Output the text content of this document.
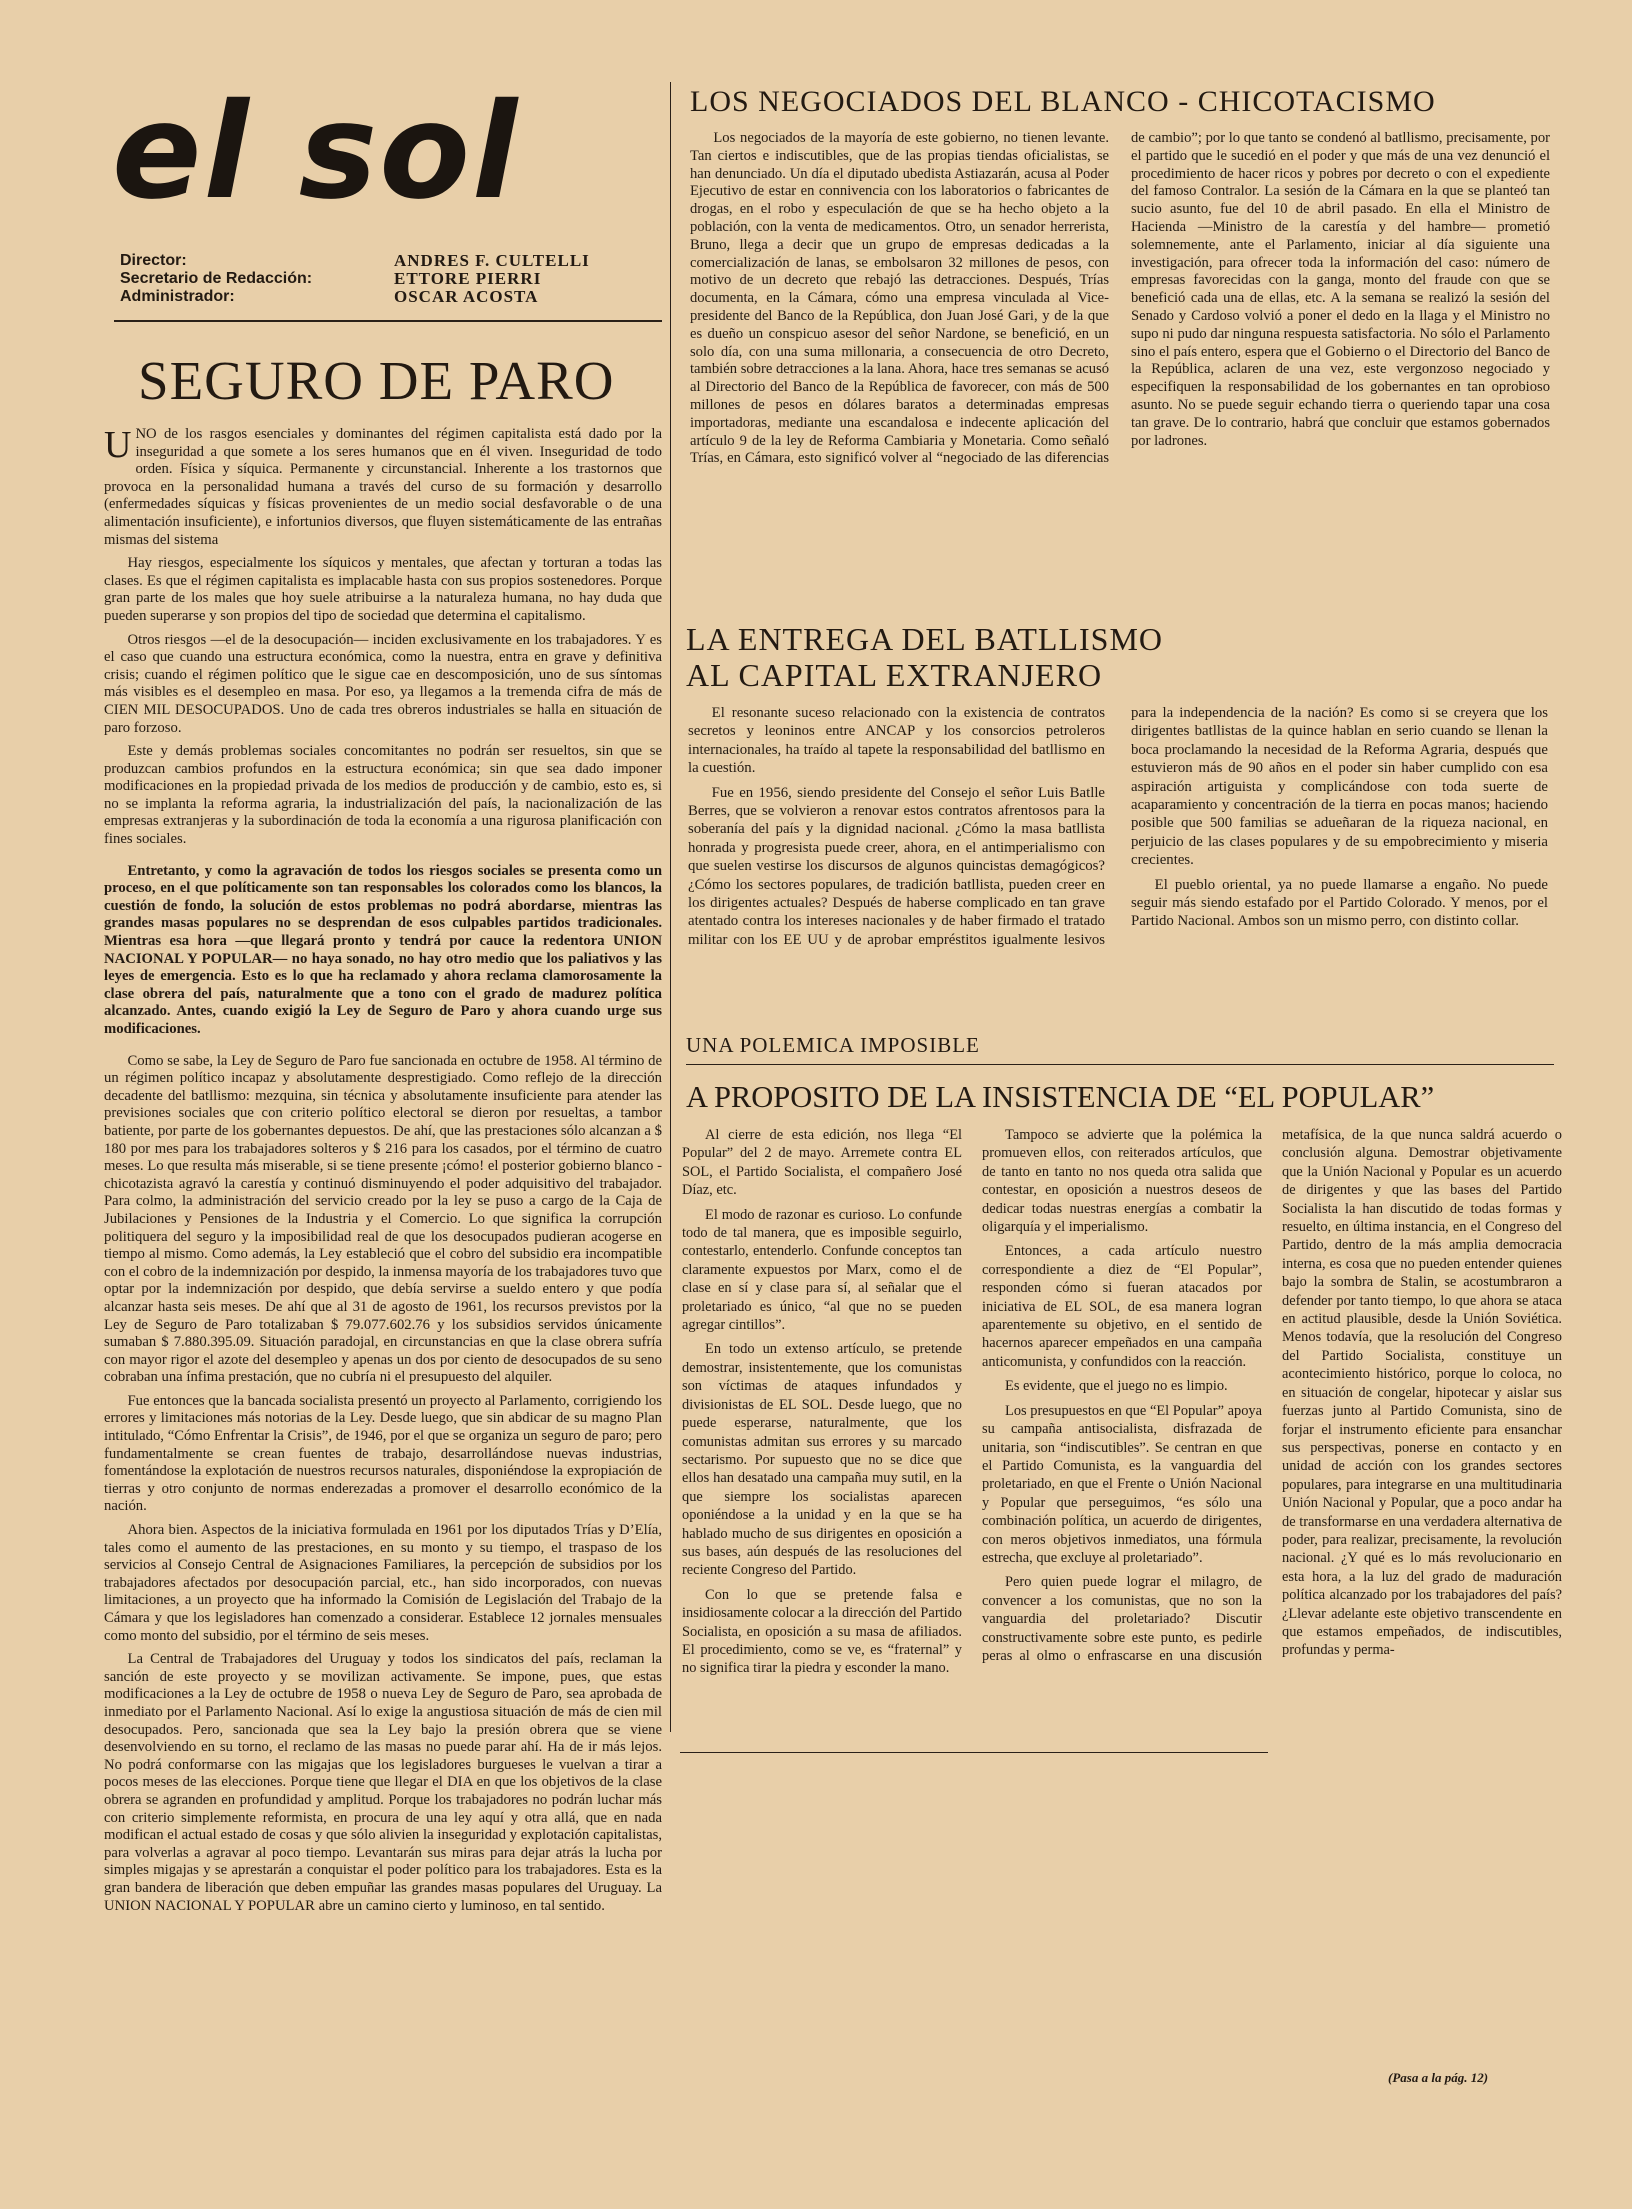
el sol
Director:	ANDRES F. CULTELLI
Secretario de Redacción:	ETTORE PIERRI
Administrador:	OSCAR ACOSTA
SEGURO DE PARO

UNO de los rasgos esenciales y dominantes del régimen capitalista está dado por la inseguridad a que somete a los seres humanos que en él viven. Inseguridad de todo orden. Física y síquica. Permanente y circunstancial. Inherente a los trastornos que provoca en la personalidad humana a través del curso de su formación y desarrollo (enfermedades síquicas y físicas provenientes de un medio social desfavorable o de una alimentación insuficiente), e infortunios diversos, que fluyen sistemáticamente de las entrañas mismas del sistema

Hay riesgos, especialmente los síquicos y mentales, que afectan y torturan a todas las clases. Es que el régimen capitalista es implacable hasta con sus propios sostenedores. Porque gran parte de los males que hoy suele atribuirse a la naturaleza humana, no hay duda que pueden superarse y son propios del tipo de sociedad que determina el capitalismo.

Otros riesgos —el de la desocupación— inciden exclusivamente en los trabajadores. Y es el caso que cuando una estructura económica, como la nuestra, entra en grave y definitiva crisis; cuando el régimen político que le sigue cae en descomposición, uno de sus síntomas más visibles es el desempleo en masa. Por eso, ya llegamos a la tremenda cifra de más de CIEN MIL DESOCUPADOS. Uno de cada tres obreros industriales se halla en situación de paro forzoso.

Este y demás problemas sociales concomitantes no podrán ser resueltos, sin que se produzcan cambios profundos en la estructura económica; sin que sea dado imponer modificaciones en la propiedad privada de los medios de producción y de cambio, esto es, si no se implanta la reforma agraria, la industrialización del país, la nacionalización de las empresas extranjeras y la subordinación de toda la economía a una rigurosa planificación con fines sociales.

Entretanto, y como la agravación de todos los riesgos sociales se presenta como un proceso, en el que políticamente son tan responsables los colorados como los blancos, la cuestión de fondo, la solución de estos problemas no podrá abordarse, mientras las grandes masas populares no se desprendan de esos culpables partidos tradicionales. Mientras esa hora —que llegará pronto y tendrá por cauce la redentora UNION NACIONAL Y POPULAR— no haya sonado, no hay otro medio que los paliativos y las leyes de emergencia. Esto es lo que ha reclamado y ahora reclama clamorosamente la clase obrera del país, naturalmente que a tono con el grado de madurez política alcanzado. Antes, cuando exigió la Ley de Seguro de Paro y ahora cuando urge sus modificaciones.

Como se sabe, la Ley de Seguro de Paro fue sancionada en octubre de 1958. Al término de un régimen político incapaz y absolutamente desprestigiado. Como reflejo de la dirección decadente del batllismo: mezquina, sin técnica y absolutamente insuficiente para atender las previsiones sociales que con criterio político electoral se dieron por resueltas, a tambor batiente, por parte de los gobernantes depuestos. De ahí, que las prestaciones sólo alcanzan a $ 180 por mes para los trabajadores solteros y $ 216 para los casados, por el término de cuatro meses. Lo que resulta más miserable, si se tiene presente ¡cómo! el posterior gobierno blanco - chicotazista agravó la carestía y continuó disminuyendo el poder adquisitivo del trabajador. Para colmo, la administración del servicio creado por la ley se puso a cargo de la Caja de Jubilaciones y Pensiones de la Industria y el Comercio. Lo que significa la corrupción politiquera del seguro y la imposibilidad real de que los desocupados pudieran acogerse en tiempo al mismo. Como además, la Ley estableció que el cobro del subsidio era incompatible con el cobro de la indemnización por despido, la inmensa mayoría de los trabajadores tuvo que optar por la indemnización por despido, que debía servirse a sueldo entero y que podía alcanzar hasta seis meses. De ahí que al 31 de agosto de 1961, los recursos previstos por la Ley de Seguro de Paro totalizaban $ 79.077.602.76 y los subsidios servidos únicamente sumaban $ 7.880.395.09. Situación paradojal, en circunstancias en que la clase obrera sufría con mayor rigor el azote del desempleo y apenas un dos por ciento de desocupados de su seno cobraban una ínfima prestación, que no cubría ni el presupuesto del alquiler.

Fue entonces que la bancada socialista presentó un proyecto al Parlamento, corrigiendo los errores y limitaciones más notorias de la Ley. Desde luego, que sin abdicar de su magno Plan intitulado, “Cómo Enfrentar la Crisis”, de 1946, por el que se organiza un seguro de paro; pero fundamentalmente se crean fuentes de trabajo, desarrollándose nuevas industrias, fomentándose la explotación de nuestros recursos naturales, disponiéndose la expropiación de tierras y otro conjunto de normas enderezadas a promover el desarrollo económico de la nación.

Ahora bien. Aspectos de la iniciativa formulada en 1961 por los diputados Trías y D’Elía, tales como el aumento de las prestaciones, en su monto y su tiempo, el traspaso de los servicios al Consejo Central de Asignaciones Familiares, la percepción de subsidios por los trabajadores afectados por desocupación parcial, etc., han sido incorporados, con nuevas limitaciones, a un proyecto que ha informado la Comisión de Legislación del Trabajo de la Cámara y que los legisladores han comenzado a considerar. Establece 12 jornales mensuales como monto del subsidio, por el término de seis meses.

La Central de Trabajadores del Uruguay y todos los sindicatos del país, reclaman la sanción de este proyecto y se movilizan activamente. Se impone, pues, que estas modificaciones a la Ley de octubre de 1958 o nueva Ley de Seguro de Paro, sea aprobada de inmediato por el Parlamento Nacional. Así lo exige la angustiosa situación de más de cien mil desocupados. Pero, sancionada que sea la Ley bajo la presión obrera que se viene desenvolviendo en su torno, el reclamo de las masas no puede parar ahí. Ha de ir más lejos. No podrá conformarse con las migajas que los legisladores burgueses le vuelvan a tirar a pocos meses de las elecciones. Porque tiene que llegar el DIA en que los objetivos de la clase obrera se agranden en profundidad y amplitud. Porque los trabajadores no podrán luchar más con criterio simplemente reformista, en procura de una ley aquí y otra allá, que en nada modifican el actual estado de cosas y que sólo alivien la inseguridad y explotación capitalistas, para volverlas a agravar al poco tiempo. Levantarán sus miras para dejar atrás la lucha por simples migajas y se aprestarán a conquistar el poder político para los trabajadores. Esta es la gran bandera de liberación que deben empuñar las grandes masas populares del Uruguay. La UNION NACIONAL Y POPULAR abre un camino cierto y luminoso, en tal sentido.

LOS NEGOCIADOS DEL BLANCO - CHICOTACISMO

Los negociados de la mayoría de este gobierno, no tienen levante. Tan ciertos e indiscutibles, que de las propias tiendas oficialistas, se han denunciado. Un día el diputado ubedista Astiazarán, acusa al Poder Ejecutivo de estar en connivencia con los laboratorios o fabricantes de drogas, en el robo y especulación de que se ha hecho objeto a la población, con la venta de medicamentos. Otro, un senador herrerista, Bruno, llega a decir que un grupo de empresas dedicadas a la comercialización de lanas, se embolsaron 32 millones de pesos, con motivo de un decreto que rebajó las detracciones. Después, Trías documenta, en la Cámara, cómo una empresa vinculada al Vice-presidente del Banco de la República, don Juan José Gari, y de la que es dueño un conspicuo asesor del señor Nardone, se benefició, en un solo día, con una suma millonaria, a consecuencia de otro Decreto, también sobre detracciones a la lana. Ahora, hace tres semanas se acusó al Directorio del Banco de la República de favorecer, con más de 500 millones de pesos en dólares baratos a determinadas empresas importadoras, mediante una escandalosa e indecente aplicación del artículo 9 de la ley de Reforma Cambiaria y Monetaria. Como señaló Trías, en Cámara, esto significó volver al “negociado de las diferencias de cambio”; por lo que tanto se condenó al batllismo, precisamente, por el partido que le sucedió en el poder y que más de una vez denunció el procedimiento de hacer ricos y pobres por decreto o con el expediente del famoso Contralor. La sesión de la Cámara en la que se planteó tan sucio asunto, fue del 10 de abril pasado. En ella el Ministro de Hacienda —Ministro de la carestía y del hambre— prometió solemnemente, ante el Parlamento, iniciar al día siguiente una investigación, para ofrecer toda la información del caso: número de empresas favorecidas con la ganga, monto del fraude con que se benefició cada una de ellas, etc. A la semana se realizó la sesión del Senado y Cardoso volvió a poner el dedo en la llaga y el Ministro no supo ni pudo dar ninguna respuesta satisfactoria. No sólo el Parlamento sino el país entero, espera que el Gobierno o el Directorio del Banco de la República, aclaren de una vez, este vergonzoso negociado y especifiquen la responsabilidad de los gobernantes en tan oprobioso asunto. No se puede seguir echando tierra o queriendo tapar una cosa tan grave. De lo contrario, habrá que concluir que estamos gobernados por ladrones.

LA ENTREGA DEL BATLLISMO
AL CAPITAL EXTRANJERO

El resonante suceso relacionado con la existencia de contratos secretos y leoninos entre ANCAP y los consorcios petroleros internacionales, ha traído al tapete la responsabilidad del batllismo en la cuestión.

Fue en 1956, siendo presidente del Consejo el señor Luis Batlle Berres, que se volvieron a renovar estos contratos afrentosos para la soberanía del país y la dignidad nacional. ¿Cómo la masa batllista honrada y progresista puede creer, ahora, en el antimperialismo con que suelen vestirse los discursos de algunos quincistas demagógicos? ¿Cómo los sectores populares, de tradición batllista, pueden creer en los dirigentes actuales? Después de haberse complicado en tan grave atentado contra los intereses nacionales y de haber firmado el tratado militar con los EE UU y de aprobar empréstitos igualmente lesivos para la independencia de la nación? Es como si se creyera que los dirigentes batllistas de la quince hablan en serio cuando se llenan la boca proclamando la necesidad de la Reforma Agraria, después que estuvieron más de 90 años en el poder sin haber cumplido con esa aspiración artiguista y complicándose con toda suerte de acaparamiento y concentración de la tierra en pocas manos; haciendo posible que 500 familias se adueñaran de la riqueza nacional, en perjuicio de las clases populares y de su empobrecimiento y miseria crecientes.

El pueblo oriental, ya no puede llamarse a engaño. No puede seguir más siendo estafado por el Partido Colorado. Y menos, por el Partido Nacional. Ambos son un mismo perro, con distinto collar.

UNA POLEMICA IMPOSIBLE
A PROPOSITO DE LA INSISTENCIA DE “EL POPULAR”

Al cierre de esta edición, nos llega “El Popular” del 2 de mayo. Arremete contra EL SOL, el Partido Socialista, el compañero José Díaz, etc.

El modo de razonar es curioso. Lo confunde todo de tal manera, que es imposible seguirlo, contestarlo, entenderlo. Confunde conceptos tan claramente expuestos por Marx, como el de clase en sí y clase para sí, al señalar que el proletariado es único, “al que no se pueden agregar cintillos”.

En todo un extenso artículo, se pretende demostrar, insistentemente, que los comunistas son víctimas de ataques infundados y divisionistas de EL SOL. Desde luego, que no puede esperarse, naturalmente, que los comunistas admitan sus errores y su marcado sectarismo. Por supuesto que no se dice que ellos han desatado una campaña muy sutil, en la que siempre los socialistas aparecen oponiéndose a la unidad y en la que se ha hablado mucho de sus dirigentes en oposición a sus bases, aún después de las resoluciones del reciente Congreso del Partido.

Con lo que se pretende falsa e insidiosamente colocar a la dirección del Partido Socialista, en oposición a su masa de afiliados. El procedimiento, como se ve, es “fraternal” y no significa tirar la piedra y esconder la mano.

Tampoco se advierte que la polémica la promueven ellos, con reiterados artículos, que de tanto en tanto no nos queda otra salida que contestar, en oposición a nuestros deseos de dedicar todas nuestras energías a combatir la oligarquía y el imperialismo.

Entonces, a cada artículo nuestro correspondiente a diez de “El Popular”, responden cómo si fueran atacados por iniciativa de EL SOL, de esa manera logran aparentemente su objetivo, en el sentido de hacernos aparecer empeñados en una campaña anticomunista, y confundidos con la reacción.

Es evidente, que el juego no es limpio.

Los presupuestos en que “El Popular” apoya su campaña antisocialista, disfrazada de unitaria, son “indiscutibles”. Se centran en que el Partido Comunista, es la vanguardia del proletariado, en que el Frente o Unión Nacional y Popular que perseguimos, “es sólo una combinación política, un acuerdo de dirigentes, con meros objetivos inmediatos, una fórmula estrecha, que excluye al proletariado”.

Pero quien puede lograr el milagro, de convencer a los comunistas, que no son la vanguardia del proletariado? Discutir constructivamente sobre este punto, es pedirle peras al olmo o enfrascarse en una discusión metafísica, de la que nunca saldrá acuerdo o conclusión alguna. Demostrar objetivamente que la Unión Nacional y Popular es un acuerdo de dirigentes y que las bases del Partido Socialista la han discutido de todas formas y resuelto, en última instancia, en el Congreso del Partido, dentro de la más amplia democracia interna, es cosa que no pueden entender quienes bajo la sombra de Stalin, se acostumbraron a defender por tanto tiempo, lo que ahora se ataca en actitud plausible, desde la Unión Soviética. Menos todavía, que la resolución del Congreso del Partido Socialista, constituye un acontecimiento histórico, porque lo coloca, no en situación de congelar, hipotecar y aislar sus fuerzas junto al Partido Comunista, sino de forjar el instrumento eficiente para ensanchar sus perspectivas, ponerse en contacto y en unidad de acción con los grandes sectores populares, para integrarse en una multitudinaria Unión Nacional y Popular, que a poco andar ha de transformarse en una verdadera alternativa de poder, para realizar, precisamente, la revolución nacional. ¿Y qué es lo más revolucionario en esta hora, a la luz del grado de maduración política alcanzado por los trabajadores del país? ¿Llevar adelante este objetivo transcendente en que estamos empeñados, de indiscutibles, profundas y perma-

(Pasa a la pág. 12)
